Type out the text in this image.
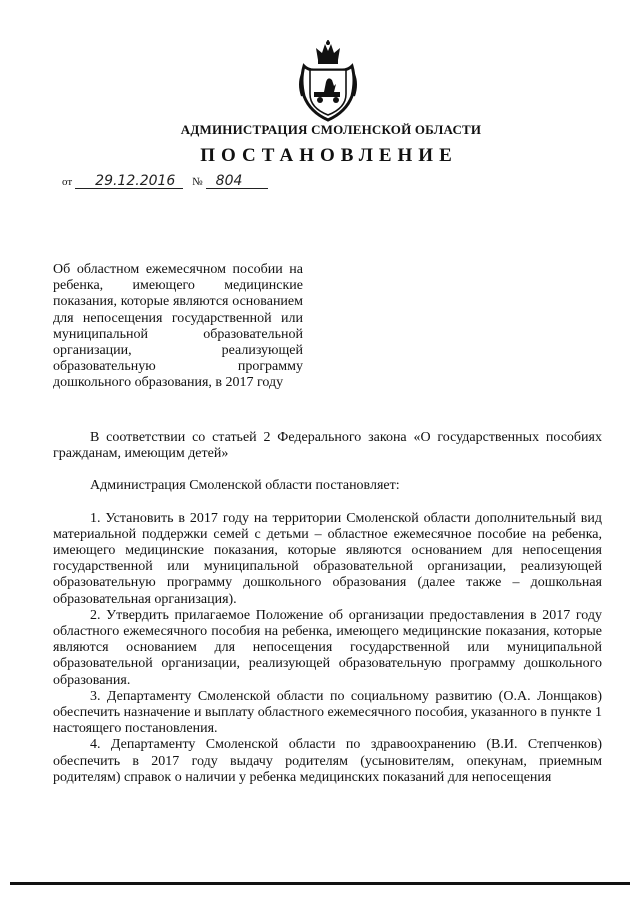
АДМИНИСТРАЦИЯ СМОЛЕНСКОЙ ОБЛАСТИ
ПОСТАНОВЛЕНИЕ
от 29.12.2016 № 804
Об областном ежемесячном пособии на ребенка, имеющего медицинские показания, которые являются основанием для непосещения государственной или муниципальной образовательной организации, реализующей образовательную программу дошкольного образования, в 2017 году

В соответствии со статьей 2 Федерального закона «О государственных пособиях гражданам, имеющим детей»

Администрация Смоленской области постановляет:

1. Установить в 2017 году на территории Смоленской области дополнительный вид материальной поддержки семей с детьми – областное ежемесячное пособие на ребенка, имеющего медицинские показания, которые являются основанием для непосещения государственной или муниципальной образовательной организации, реализующей образовательную программу дошкольного образования (далее также – дошкольная образовательная организация).

2. Утвердить прилагаемое Положение об организации предоставления в 2017 году областного ежемесячного пособия на ребенка, имеющего медицинские показания, которые являются основанием для непосещения государственной или муниципальной образовательной организации, реализующей образовательную программу дошкольного образования.

3. Департаменту Смоленской области по социальному развитию (О.А. Лонщаков) обеспечить назначение и выплату областного ежемесячного пособия, указанного в пункте 1 настоящего постановления.

4. Департаменту Смоленской области по здравоохранению (В.И. Степченков) обеспечить в 2017 году выдачу родителям (усыновителям, опекунам, приемным родителям) справок о наличии у ребенка медицинских показаний для непосещения
